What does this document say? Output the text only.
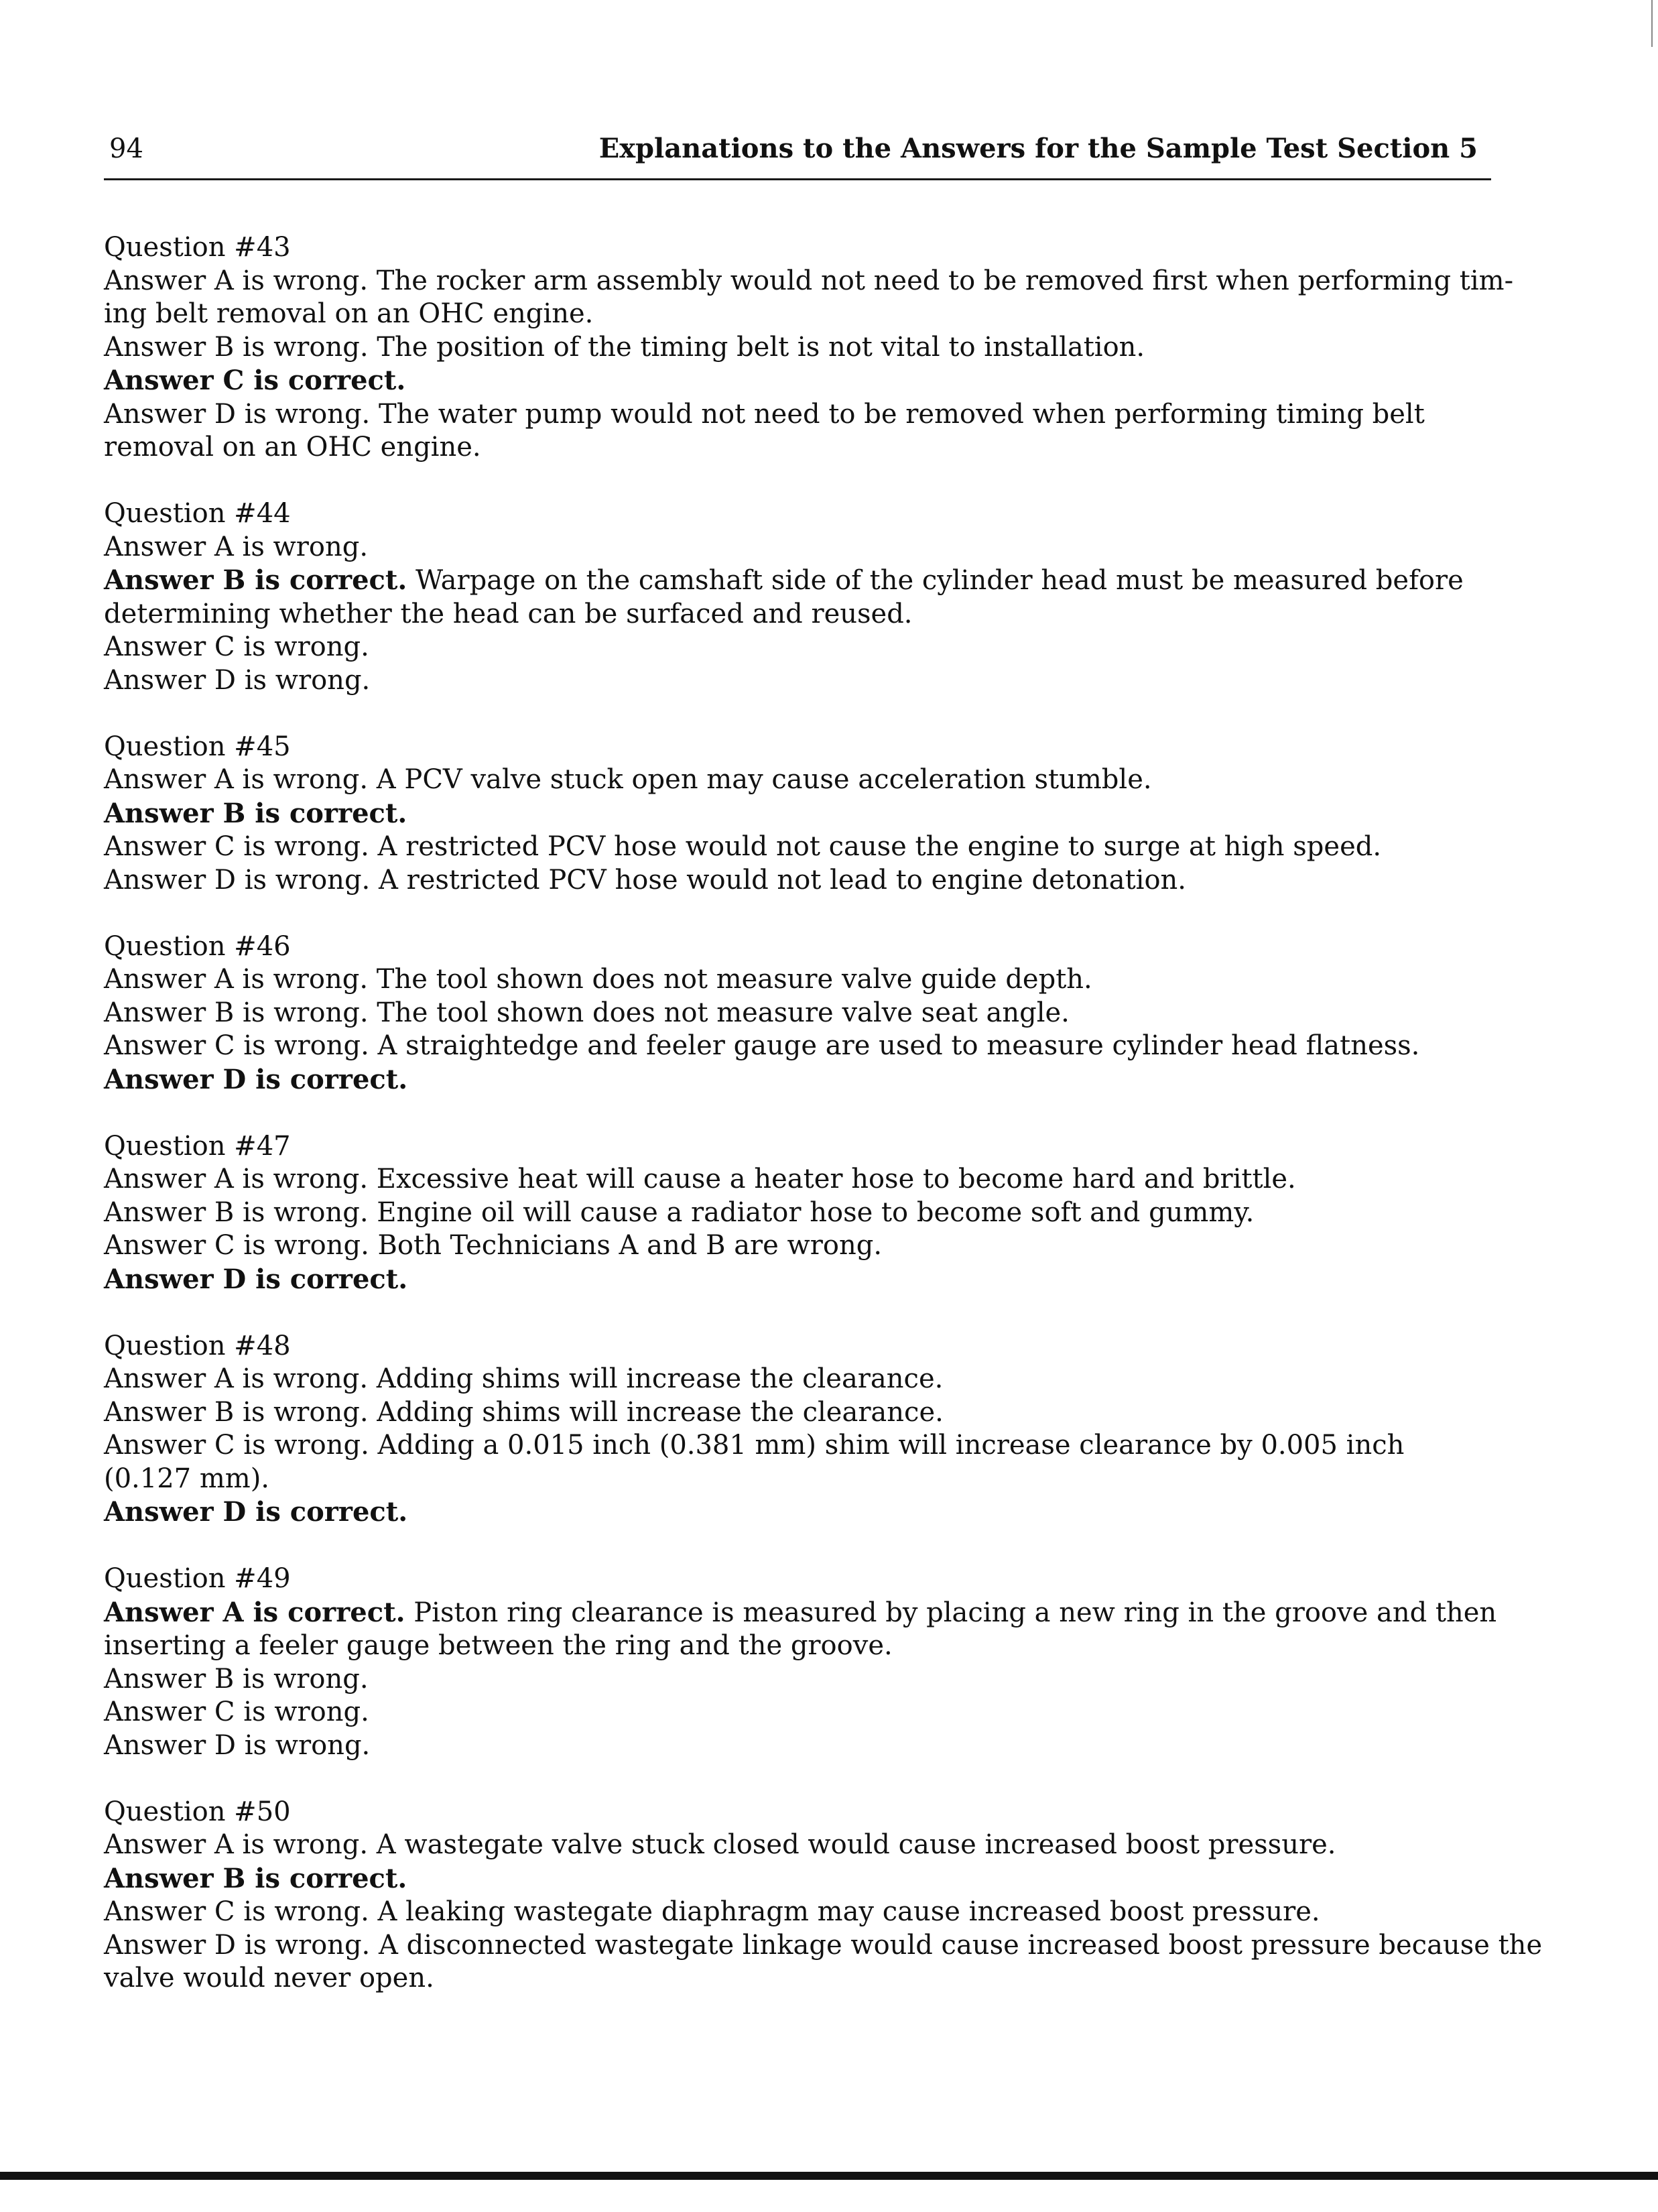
94	Explanations to the Answers for the Sample Test Section 5
Question #43
Answer A is wrong. The rocker arm assembly would not need to be removed first when performing tim-
ing belt removal on an OHC engine.
Answer B is wrong. The position of the timing belt is not vital to installation.
Answer C is correct.
Answer D is wrong. The water pump would not need to be removed when performing timing belt
removal on an OHC engine.
Question #44
Answer A is wrong.
Answer B is correct. Warpage on the camshaft side of the cylinder head must be measured before
determining whether the head can be surfaced and reused.
Answer C is wrong.
Answer D is wrong.
Question #45
Answer A is wrong. A PCV valve stuck open may cause acceleration stumble.
Answer B is correct.
Answer C is wrong. A restricted PCV hose would not cause the engine to surge at high speed.
Answer D is wrong. A restricted PCV hose would not lead to engine detonation.
Question #46
Answer A is wrong. The tool shown does not measure valve guide depth.
Answer B is wrong. The tool shown does not measure valve seat angle.
Answer C is wrong. A straightedge and feeler gauge are used to measure cylinder head flatness.
Answer D is correct.
Question #47
Answer A is wrong. Excessive heat will cause a heater hose to become hard and brittle.
Answer B is wrong. Engine oil will cause a radiator hose to become soft and gummy.
Answer C is wrong. Both Technicians A and B are wrong.
Answer D is correct.
Question #48
Answer A is wrong. Adding shims will increase the clearance.
Answer B is wrong. Adding shims will increase the clearance.
Answer C is wrong. Adding a 0.015 inch (0.381 mm) shim will increase clearance by 0.005 inch
(0.127 mm).
Answer D is correct.
Question #49
Answer A is correct. Piston ring clearance is measured by placing a new ring in the groove and then
inserting a feeler gauge between the ring and the groove.
Answer B is wrong.
Answer C is wrong.
Answer D is wrong.
Question #50
Answer A is wrong. A wastegate valve stuck closed would cause increased boost pressure.
Answer B is correct.
Answer C is wrong. A leaking wastegate diaphragm may cause increased boost pressure.
Answer D is wrong. A disconnected wastegate linkage would cause increased boost pressure because the
valve would never open.
